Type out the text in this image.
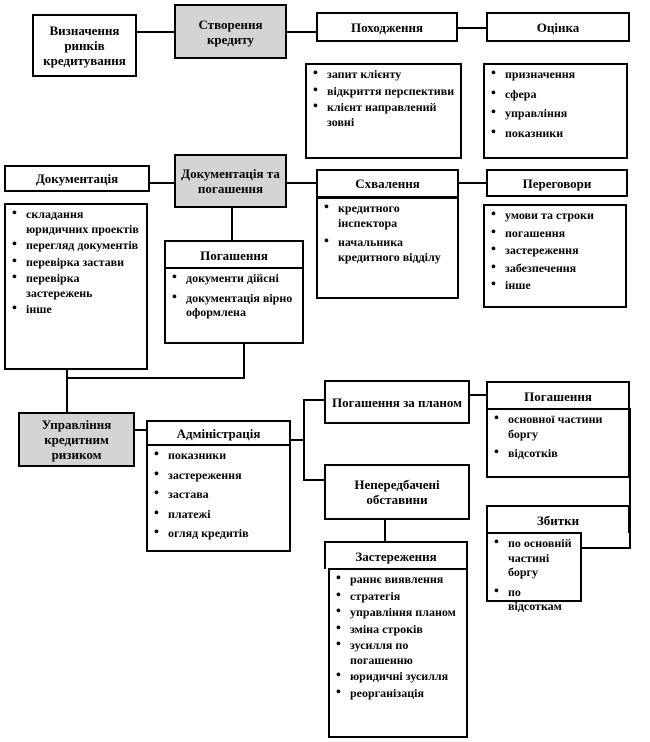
Визначення ринків кредитування
Створення кредиту
Походження	Оцінка
• запит клієнту
• відкриття перспективи
• клієнт направлений зовні
• призначення
• сфера
• управління
• показники
Документація	Документація та погашення	Схвалення	Переговори
• складання юридичних проектів
• перегляд документів
• перевірка застави
• перевірка застережень
• інше
• кредитного інспектора
• начальника кредитного відділу
• умови та строки
• погашення
• застереження
• забезпечення
• інше
Погашення
• документи дійсні
• документація вірно оформлена
Управління кредитним ризиком
Адміністрація
• показники
• застереження
• застава
• платежі
• огляд кредитів
Погашення за планом
Непередбачені обставини
Погашення
• основної частини боргу
• відсотків
Збитки
• по основній частині боргу
• по відсоткам
Застереження
• раннє виявлення
• стратегія
• управління планом
• зміна строків
• зусилля по погашенню
• юридичні зусилля
• реорганізація
